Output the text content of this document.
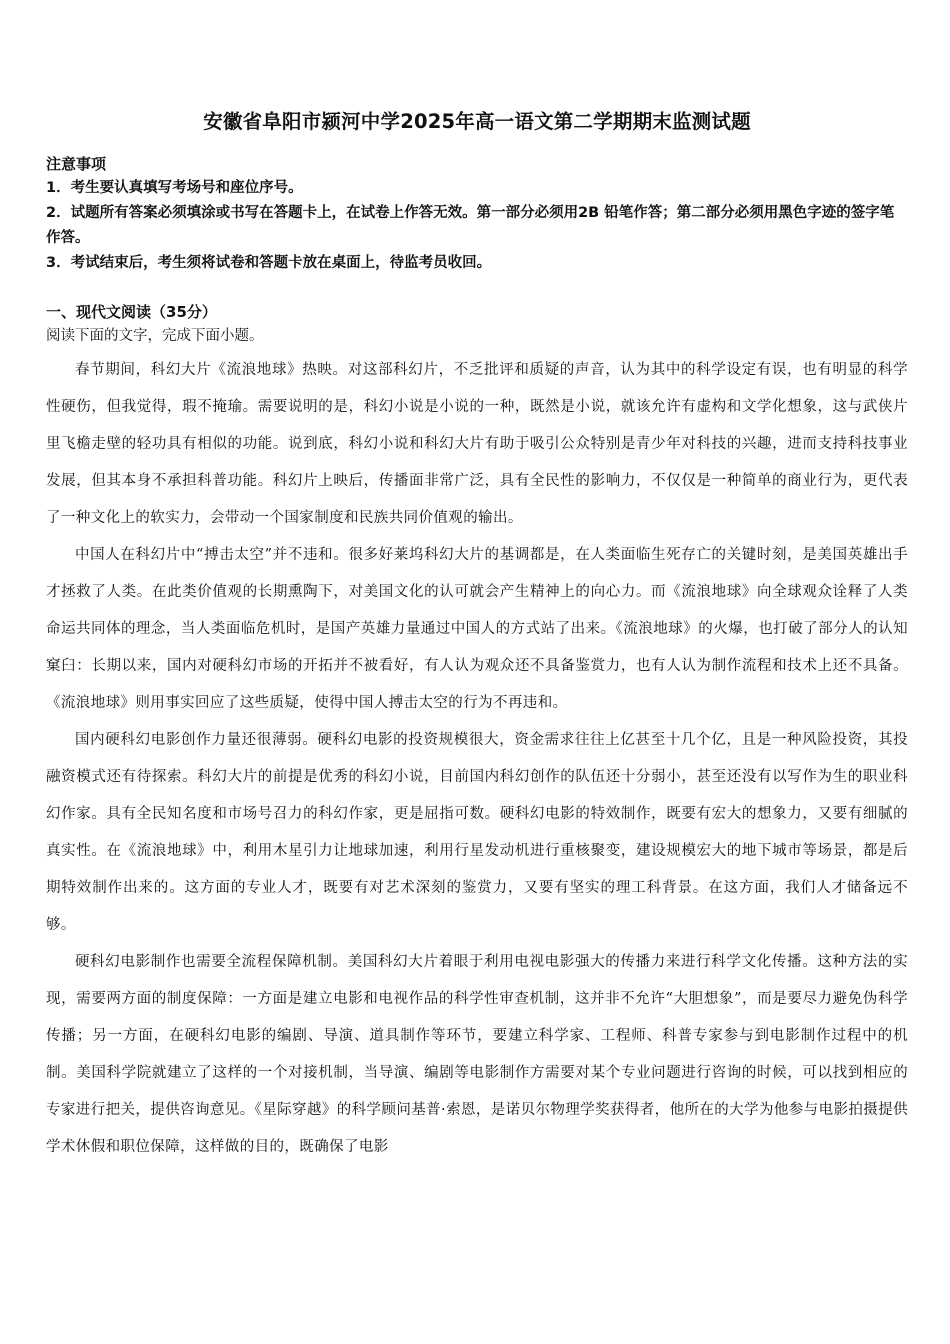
安徽省阜阳市颍河中学2025年高一语文第二学期期末监测试题
注意事项
1．考生要认真填写考场号和座位序号。
2．试题所有答案必须填涂或书写在答题卡上，在试卷上作答无效。第一部分必须用2B 铅笔作答；第二部分必须用黑色字迹的签字笔作答。
3．考试结束后，考生须将试卷和答题卡放在桌面上，待监考员收回。
一、现代文阅读（35分）
阅读下面的文字，完成下面小题。

春节期间，科幻大片《流浪地球》热映。对这部科幻片，不乏批评和质疑的声音，认为其中的科学设定有误，也有明显的科学性硬伤，但我觉得，瑕不掩瑜。需要说明的是，科幻小说是小说的一种，既然是小说，就该允许有虚构和文学化想象，这与武侠片里飞檐走壁的轻功具有相似的功能。说到底，科幻小说和科幻大片有助于吸引公众特别是青少年对科技的兴趣，进而支持科技事业发展，但其本身不承担科普功能。科幻片上映后，传播面非常广泛，具有全民性的影响力，不仅仅是一种简单的商业行为，更代表了一种文化上的软实力，会带动一个国家制度和民族共同价值观的输出。

中国人在科幻片中“搏击太空”并不违和。很多好莱坞科幻大片的基调都是，在人类面临生死存亡的关键时刻，是美国英雄出手才拯救了人类。在此类价值观的长期熏陶下，对美国文化的认可就会产生精神上的向心力。而《流浪地球》向全球观众诠释了人类命运共同体的理念，当人类面临危机时，是国产英雄力量通过中国人的方式站了出来。《流浪地球》的火爆，也打破了部分人的认知窠臼：长期以来，国内对硬科幻市场的开拓并不被看好，有人认为观众还不具备鉴赏力，也有人认为制作流程和技术上还不具备。《流浪地球》则用事实回应了这些质疑，使得中国人搏击太空的行为不再违和。

国内硬科幻电影创作力量还很薄弱。硬科幻电影的投资规模很大，资金需求往往上亿甚至十几个亿，且是一种风险投资，其投融资模式还有待探索。科幻大片的前提是优秀的科幻小说，目前国内科幻创作的队伍还十分弱小，甚至还没有以写作为生的职业科幻作家。具有全民知名度和市场号召力的科幻作家，更是屈指可数。硬科幻电影的特效制作，既要有宏大的想象力，又要有细腻的真实性。在《流浪地球》中，利用木星引力让地球加速，利用行星发动机进行重核聚变，建设规模宏大的地下城市等场景，都是后期特效制作出来的。这方面的专业人才，既要有对艺术深刻的鉴赏力，又要有坚实的理工科背景。在这方面，我们人才储备远不够。

硬科幻电影制作也需要全流程保障机制。美国科幻大片着眼于利用电视电影强大的传播力来进行科学文化传播。这种方法的实现，需要两方面的制度保障：一方面是建立电影和电视作品的科学性审查机制，这并非不允许“大胆想象”，而是要尽力避免伪科学传播；另一方面，在硬科幻电影的编剧、导演、道具制作等环节，要建立科学家、工程师、科普专家参与到电影制作过程中的机制。美国科学院就建立了这样的一个对接机制，当导演、编剧等电影制作方需要对某个专业问题进行咨询的时候，可以找到相应的专家进行把关，提供咨询意见。《星际穿越》的科学顾问基普·索恩，是诺贝尔物理学奖获得者，他所在的大学为他参与电影拍摄提供学术休假和职位保障，这样做的目的，既确保了电影
